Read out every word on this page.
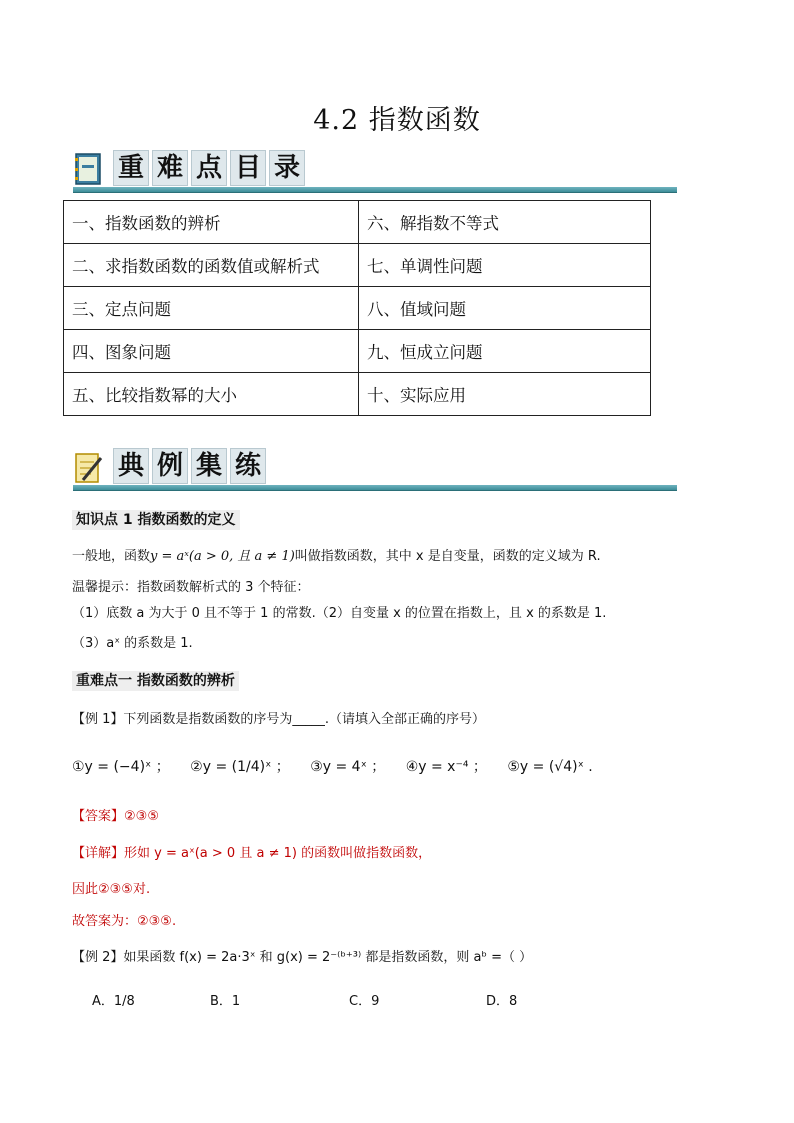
4.2 指数函数
重 难 点 目 录
一、指数函数的辨析	六、解指数不等式
二、求指数函数的函数值或解析式	七、单调性问题
三、定点问题	八、值域问题
四、图象问题	九、恒成立问题
五、比较指数幂的大小	十、实际应用
典 例 集 练
知识点 1 指数函数的定义
一般地，函数y = aˣ(a > 0, 且 a ≠ 1)叫做指数函数，其中 x 是自变量，函数的定义域为 R.
温馨提示：指数函数解析式的 3 个特征：
（1）底数 a 为大于 0 且不等于 1 的常数.（2）自变量 x 的位置在指数上，且 x 的系数是 1.
（3）aˣ 的系数是 1.
重难点一 指数函数的辨析
【例 1】下列函数是指数函数的序号为_____.（请填入全部正确的序号）
①y = (−4)ˣ ； ②y = (1/4)ˣ ； ③y = 4ˣ ； ④y = x⁻⁴ ； ⑤y = (√4)ˣ .
【答案】②③⑤
【详解】形如 y = aˣ(a > 0 且 a ≠ 1) 的函数叫做指数函数，
因此②③⑤对.
故答案为：②③⑤.
【例 2】如果函数 f(x) = 2a·3ˣ 和 g(x) = 2⁻⁽ᵇ⁺³⁾ 都是指数函数，则 aᵇ =（ ）
A．1/8	B．1	C．9	D．8
